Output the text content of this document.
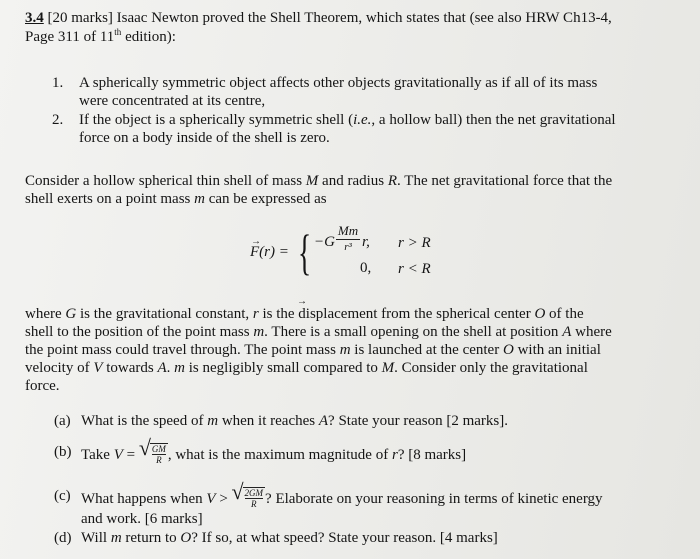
3.4 [20 marks] Isaac Newton proved the Shell Theorem, which states that (see also HRW Ch13-4,
Page 311 of 11th edition):
1. A spherically symmetric object affects other objects gravitationally as if all of its mass
were concentrated at its centre,
2. If the object is a spherically symmetric shell (i.e., a hollow ball) then the net gravitational
force on a body inside of the shell is zero.
Consider a hollow spherical thin shell of mass M and radius R. The net gravitational force that the
shell exerts on a point mass m can be expressed as
F(r) =
→ { −G
Mm
r³ r, r > R
0, r < R
where G is the gravitational constant, r is the displacement from the spherical center O of the
shell to the position of the point mass m. There is a small opening on the shell at position A where
the point mass could travel through. The point mass m is launched at the center O with an initial
velocity of V towards A. m is negligibly small compared to M. Consider only the gravitational
force.
(a) What is the speed of m when it reaches A? State your reason [2 marks].
(b) Take V = √
$\frac{GM}{R}$ , what is the maximum magnitude of r? [8 marks]
(c) What happens when V > √
$\frac{2GM}{R}$ ? Elaborate on your reasoning in terms of kinetic energy
and work. [6 marks]
(d) Will m return to O? If so, at what speed? State your reason. [4 marks]
→
